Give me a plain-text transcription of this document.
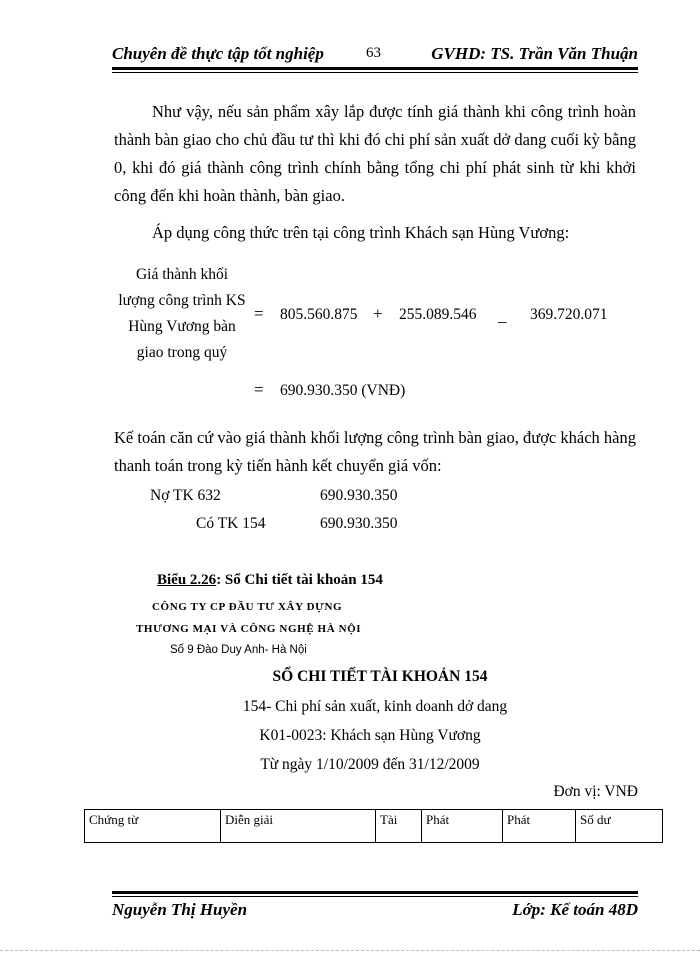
Chuyên đề thực tập tốt nghiệp	63	GVHD: TS. Trần Văn Thuận
Như vậy, nếu sản phẩm xây lắp được tính giá thành khi công trình hoàn
thành bàn giao cho chủ đầu tư thì khi đó chi phí sản xuất dở dang cuối kỳ bằng 0, khi đó giá thành công trình chính bằng tổng chi phí phát sinh từ khi khởi công đến khi hoàn thành, bàn giao.
Áp dụng công thức trên tại công trình Khách sạn Hùng Vương:
Giá thành khối
lượng công trình KS
Hùng Vương bàn
giao trong quý
= 805.560.875 + 255.089.546 _ 369.720.071
= 690.930.350 (VNĐ)
Kế toán căn cứ vào giá thành khối lượng công trình bàn giao, được khách hàng thanh toán trong kỳ tiến hành kết chuyển giá vốn:
Nợ TK 632	690.930.350
Có TK 154	690.930.350
Biểu 2.26: Sổ Chi tiết tài khoản 154
CÔNG TY CP ĐẦU TƯ XÂY DỰNG
THƯƠNG MẠI VÀ CÔNG NGHỆ HÀ NỘI
Số 9 Đào Duy Anh- Hà Nội
SỔ CHI TIẾT TÀI KHOẢN 154
154- Chi phí sản xuất, kinh doanh dở dang
K01-0023: Khách sạn Hùng Vương
Từ ngày 1/10/2009 đến 31/12/2009
Đơn vị: VNĐ
Chứng từ	Diễn giải	Tài	Phát	Phát	Số dư
Nguyễn Thị Huyền	Lớp: Kế toán 48D
